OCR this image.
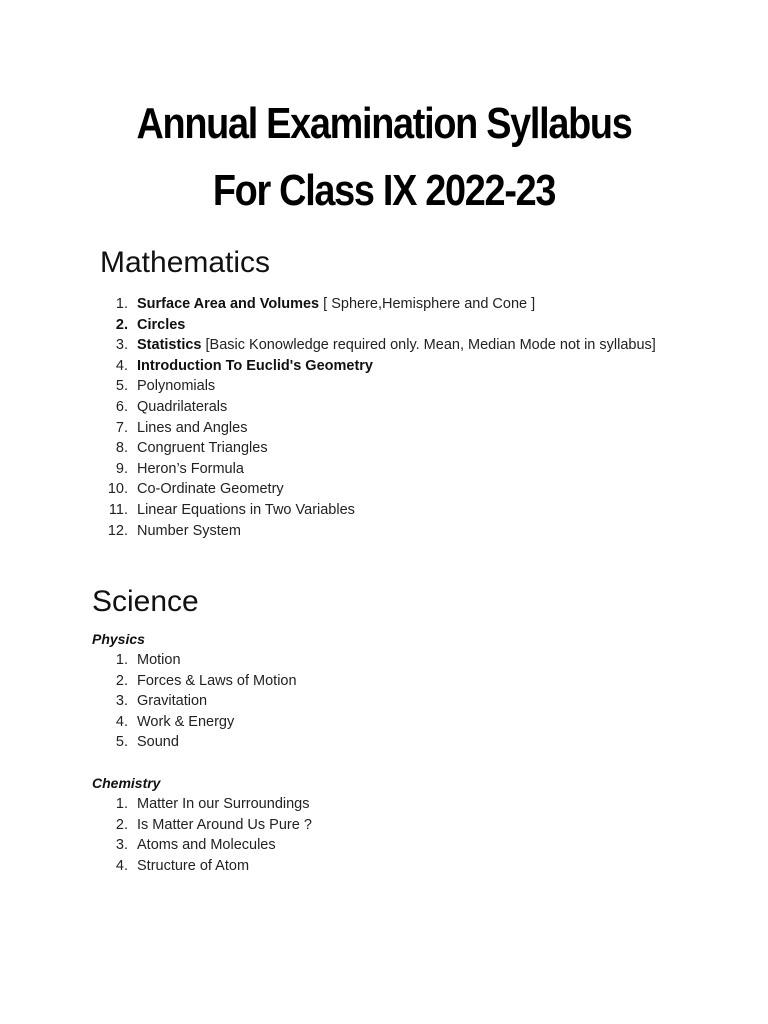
Annual Examination Syllabus
For Class IX 2022-23
Mathematics
1. Surface Area and Volumes [ Sphere,Hemisphere and Cone ]
2. Circles
3. Statistics [Basic Konowledge required only. Mean, Median Mode not in syllabus]
4. Introduction To Euclid's Geometry
5. Polynomials
6. Quadrilaterals
7. Lines and Angles
8. Congruent Triangles
9. Heron’s Formula
10. Co-Ordinate Geometry
11. Linear Equations in Two Variables
12. Number System
Science
Physics
1. Motion
2. Forces & Laws of Motion
3. Gravitation
4. Work & Energy
5. Sound
Chemistry
1. Matter In our Surroundings
2. Is Matter Around Us Pure ?
3. Atoms and Molecules
4. Structure of Atom
